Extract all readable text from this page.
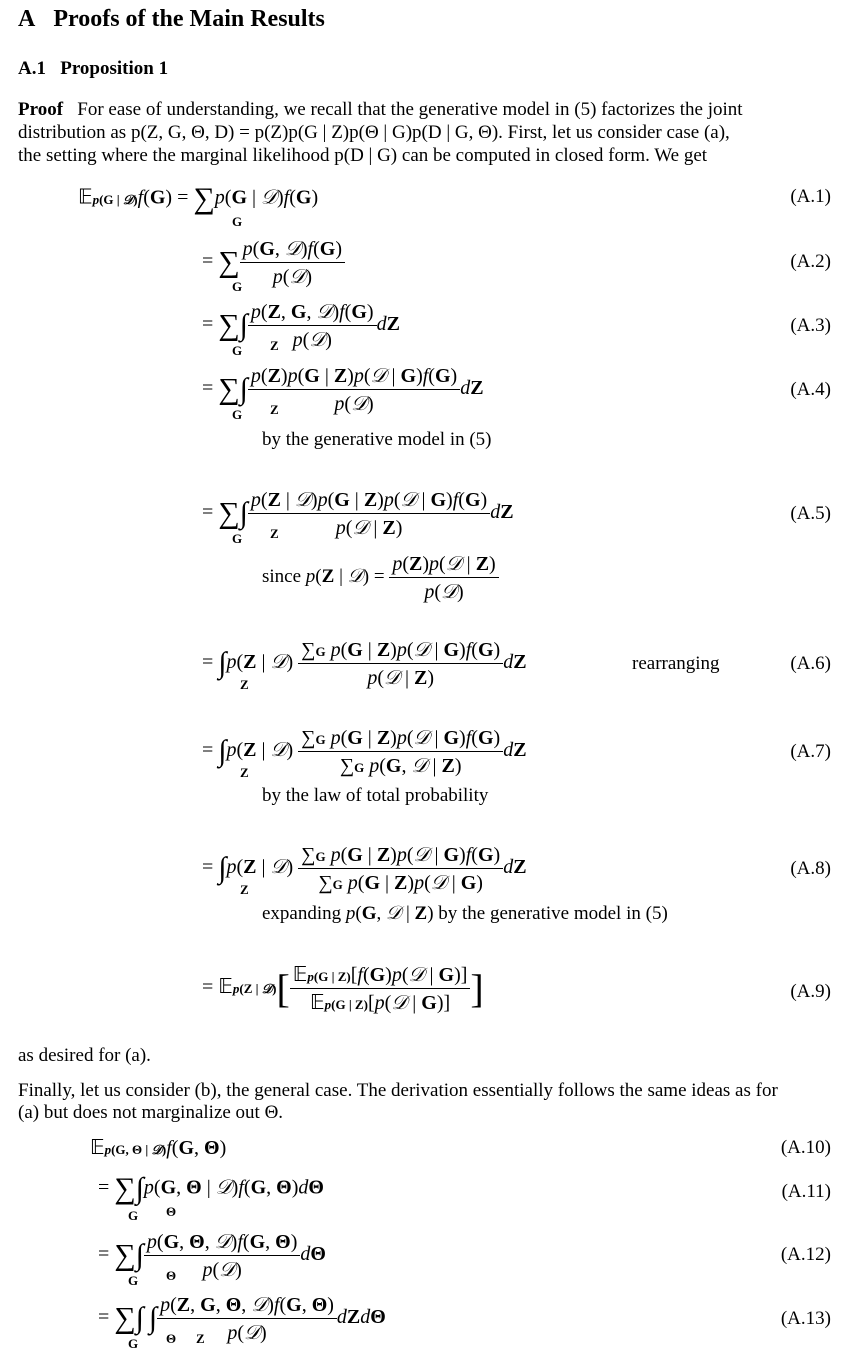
A Proofs of the Main Results
A.1 Proposition 1
Proof For ease of understanding, we recall that the generative model in (5) factorizes the joint
distribution as p(Z, G, Θ, D) = p(Z)p(G | Z)p(Θ | G)p(D | G, Θ). First, let us consider case (a),
the setting where the marginal likelihood p(D | G) can be computed in closed form. We get
𝔼p(G | 𝒟)f(G) = ∑p(G | 𝒟)f(G)
G
(A.1)
= ∑ $\frac{\text{p(G, 𝒟)f(G)}}{\text{p(𝒟)}}$
G
(A.2)
= ∑∫ $\frac{\text{p(Z, G, 𝒟)f(G)}}{\text{p(𝒟)}}$ dZ
G Z
(A.3)
= ∑∫ $\frac{\text{p(Z)p(G | Z)p(𝒟 | G)f(G)}}{\text{p(𝒟)}}$ dZ
G Z
(A.4)
by the generative model in (5)
= ∑∫ $\frac{\text{p(Z | 𝒟)p(G | Z)p(𝒟 | G)f(G)}}{\text{p(𝒟 | Z)}}$ dZ
G Z
(A.5)
since p(Z | 𝒟) = $\frac{\text{p(Z)p(𝒟 | Z)}}{\text{p(𝒟)}}$
= ∫p(Z | 𝒟) $\frac{\text{∑G p(G | Z)p(𝒟 | G)f(G)}}{\text{p(𝒟 | Z)}}$ dZ
Z
rearranging	(A.6)
= ∫p(Z | 𝒟) $\frac{\text{∑G p(G | Z)p(𝒟 | G)f(G)}}{\text{∑G p(G, 𝒟 | Z)}}$ dZ
Z
(A.7)
by the law of total probability
= ∫p(Z | 𝒟) $\frac{\text{∑G p(G | Z)p(𝒟 | G)f(G)}}{\text{∑G p(G | Z)p(𝒟 | G)}}$ dZ
Z
(A.8)
expanding p(G, 𝒟 | Z) by the generative model in (5)
= 𝔼p(Z | 𝒟)[ $\frac{\text{𝔼p(G | Z)[f(G)p(𝒟 | G)]}}{\text{𝔼p(G | Z)[p(𝒟 | G)]}}$ ]	(A.9)
as desired for (a).
Finally, let us consider (b), the general case. The derivation essentially follows the same ideas as for
(a) but does not marginalize out Θ.
𝔼p(G, Θ | 𝒟)f(G, Θ)	(A.10)
= ∑∫p(G, Θ | 𝒟)f(G, Θ)dΘ
G Θ
(A.11)
= ∑∫ $\frac{\text{p(G, Θ, 𝒟)f(G, Θ)}}{\text{p(𝒟)}}$ dΘ
G Θ
(A.12)
= ∑∫ ∫ $\frac{\text{p(Z, G, Θ, 𝒟)f(G, Θ)}}{\text{p(𝒟)}}$ dZdΘ
G Θ Z
(A.13)
